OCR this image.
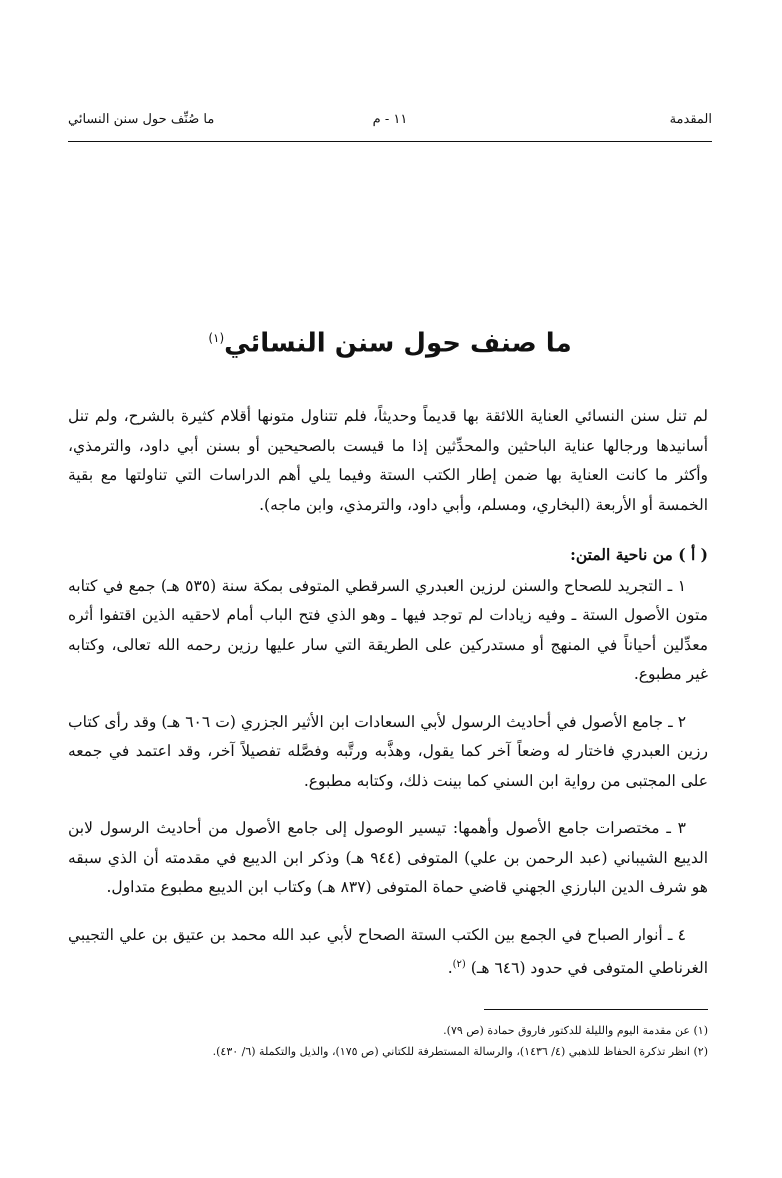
المقدمة
١١ - م
ما صُنِّف حول سنن النسائي
ما صنف حول سنن النسائي$^{(١)}$

لم تنل سنن النسائي العناية اللائقة بها قديماً وحديثاً، فلم تتناول متونها أقلام كثيرة بالشرح، ولم تنل أسانيدها ورجالها عناية الباحثين والمحدِّثين إذا ما قيست بالصحيحين أو بسنن أبي داود، والترمذي، وأكثر ما كانت العناية بها ضمن إطار الكتب الستة وفيما يلي أهم الدراسات التي تناولتها مع بقية الخمسة أو الأربعة (البخاري، ومسلم، وأبي داود، والترمذي، وابن ماجه).

( أ ) من ناحية المتن:

١ ـ التجريد للصحاح والسنن لرزين العبدري السرقطي المتوفى بمكة سنة (٥٣٥ هـ) جمع في كتابه متون الأصول الستة ـ وفيه زيادات لم توجد فيها ـ وهو الذي فتح الباب أمام لاحقيه الذين اقتفوا أثره معدِّلين أحياناً في المنهج أو مستدركين على الطريقة التي سار عليها رزين رحمه الله تعالى، وكتابه غير مطبوع.

٢ ـ جامع الأصول في أحاديث الرسول لأبي السعادات ابن الأثير الجزري (ت ٦٠٦ هـ) وقد رأى كتاب رزين العبدري فاختار له وضعاً آخر كما يقول، وهذَّبه ورتَّبه وفصَّله تفصيلاً آخر، وقد اعتمد في جمعه على المجتبى من رواية ابن السني كما بينت ذلك، وكتابه مطبوع.

٣ ـ مختصرات جامع الأصول وأهمها: تيسير الوصول إلى جامع الأصول من أحاديث الرسول لابن الديبع الشيباني (عبد الرحمن بن علي) المتوفى (٩٤٤ هـ) وذكر ابن الديبع في مقدمته أن الذي سبقه هو شرف الدين البارزي الجهني قاضي حماة المتوفى (٨٣٧ هـ) وكتاب ابن الديبع مطبوع متداول.

٤ ـ أنوار الصباح في الجمع بين الكتب الستة الصحاح لأبي عبد الله محمد بن عتيق بن علي التجيبي الغرناطي المتوفى في حدود (٦٤٦ هـ) $^{(٢)}$.

(١) عن مقدمة اليوم والليلة للدكتور فاروق حمادة (ص ٧٩).

(٢) انظر تذكرة الحفاظ للذهبي (٤/ ١٤٣٦)، والرسالة المستطرفة للكتاني (ص ١٧٥)، والذيل والتكملة (٦/ ٤٣٠).
